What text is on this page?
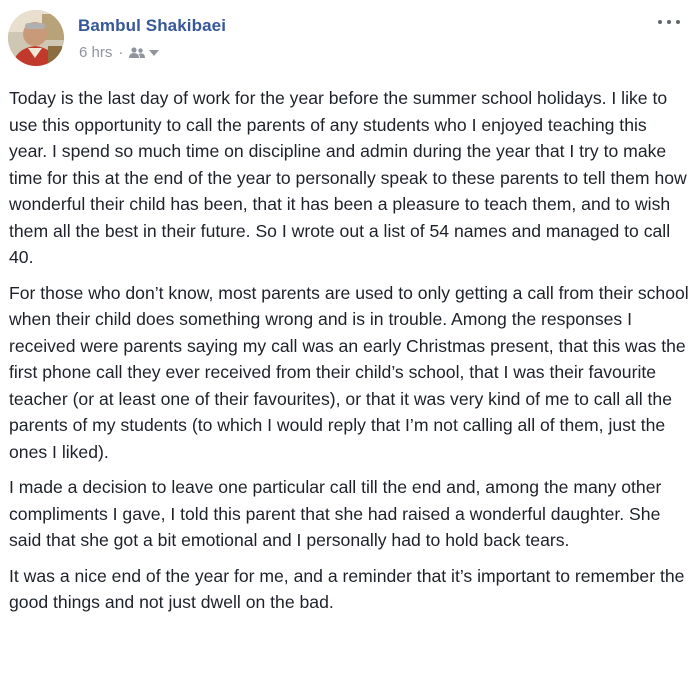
Bambul Shakibaei
6 hrs ·

Today is the last day of work for the year before the summer school holidays. I like to use this opportunity to call the parents of any students who I enjoyed teaching this year. I spend so much time on discipline and admin during the year that I try to make time for this at the end of the year to personally speak to these parents to tell them how wonderful their child has been, that it has been a pleasure to teach them, and to wish them all the best in their future. So I wrote out a list of 54 names and managed to call 40.

For those who don’t know, most parents are used to only getting a call from their school when their child does something wrong and is in trouble. Among the responses I received were parents saying my call was an early Christmas present, that this was the first phone call they ever received from their child’s school, that I was their favourite teacher (or at least one of their favourites), or that it was very kind of me to call all the parents of my students (to which I would reply that I’m not calling all of them, just the ones I liked).

I made a decision to leave one particular call till the end and, among the many other compliments I gave, I told this parent that she had raised a wonderful daughter. She said that she got a bit emotional and I personally had to hold back tears.

It was a nice end of the year for me, and a reminder that it’s important to remember the good things and not just dwell on the bad.
